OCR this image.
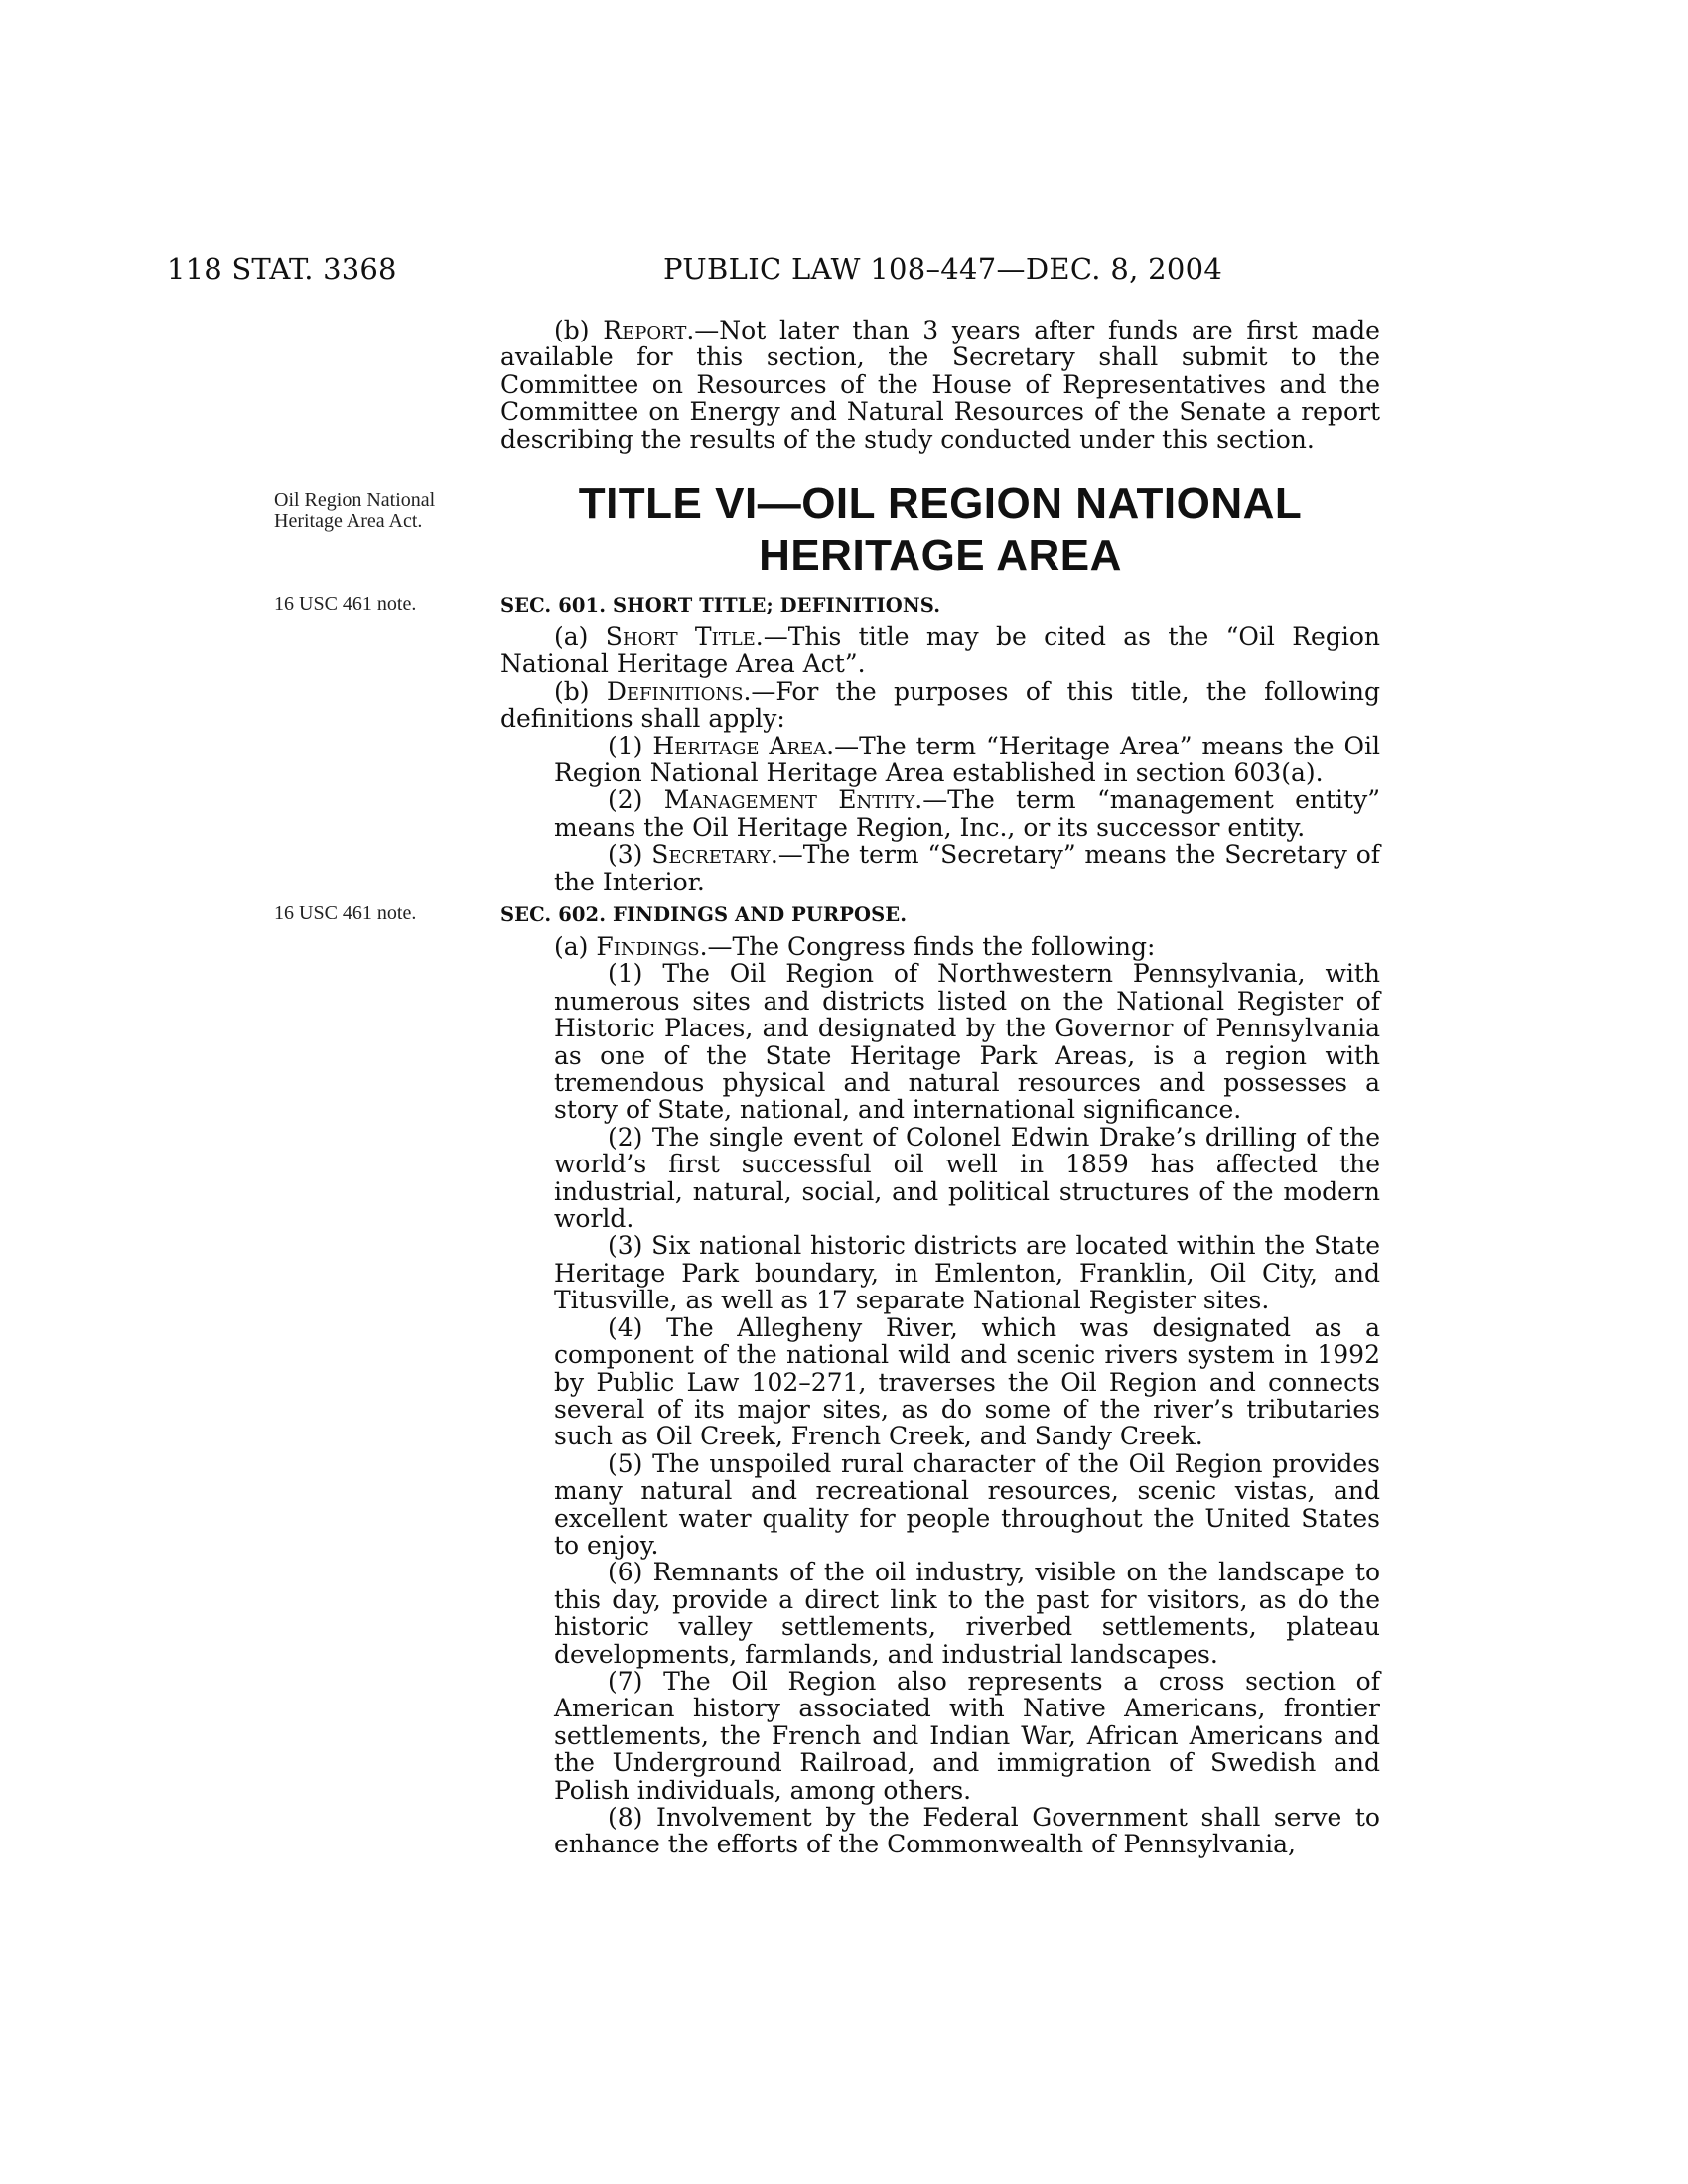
118 STAT. 3368	PUBLIC LAW 108–447—DEC. 8, 2004

(b) Report.—Not later than 3 years after funds are first made available for this section, the Secretary shall submit to the Committee on Resources of the House of Representatives and the Committee on Energy and Natural Resources of the Senate a report describing the results of the study conducted under this section.

Oil Region National Heritage Area Act.	TITLE VI—OIL REGION NATIONAL
HERITAGE AREA
16 USC 461 note.	SEC. 601. SHORT TITLE; DEFINITIONS.

(a) Short Title.—This title may be cited as the “Oil Region National Heritage Area Act”.

(b) Definitions.—For the purposes of this title, the following definitions shall apply:

(1) Heritage Area.—The term “Heritage Area” means the Oil Region National Heritage Area established in section 603(a).

(2) Management Entity.—The term “management entity” means the Oil Heritage Region, Inc., or its successor entity.

(3) Secretary.—The term “Secretary” means the Secretary of the Interior.

16 USC 461 note.	SEC. 602. FINDINGS AND PURPOSE.

(a) Findings.—The Congress finds the following:

(1) The Oil Region of Northwestern Pennsylvania, with numerous sites and districts listed on the National Register of Historic Places, and designated by the Governor of Pennsylvania as one of the State Heritage Park Areas, is a region with tremendous physical and natural resources and possesses a story of State, national, and international significance.

(2) The single event of Colonel Edwin Drake’s drilling of the world’s first successful oil well in 1859 has affected the industrial, natural, social, and political structures of the modern world.

(3) Six national historic districts are located within the State Heritage Park boundary, in Emlenton, Franklin, Oil City, and Titusville, as well as 17 separate National Register sites.

(4) The Allegheny River, which was designated as a component of the national wild and scenic rivers system in 1992 by Public Law 102–271, traverses the Oil Region and connects several of its major sites, as do some of the river’s tributaries such as Oil Creek, French Creek, and Sandy Creek.

(5) The unspoiled rural character of the Oil Region provides many natural and recreational resources, scenic vistas, and excellent water quality for people throughout the United States to enjoy.

(6) Remnants of the oil industry, visible on the landscape to this day, provide a direct link to the past for visitors, as do the historic valley settlements, riverbed settlements, plateau developments, farmlands, and industrial landscapes.

(7) The Oil Region also represents a cross section of American history associated with Native Americans, frontier settlements, the French and Indian War, African Americans and the Underground Railroad, and immigration of Swedish and Polish individuals, among others.

(8) Involvement by the Federal Government shall serve to enhance the efforts of the Commonwealth of Pennsylvania,
